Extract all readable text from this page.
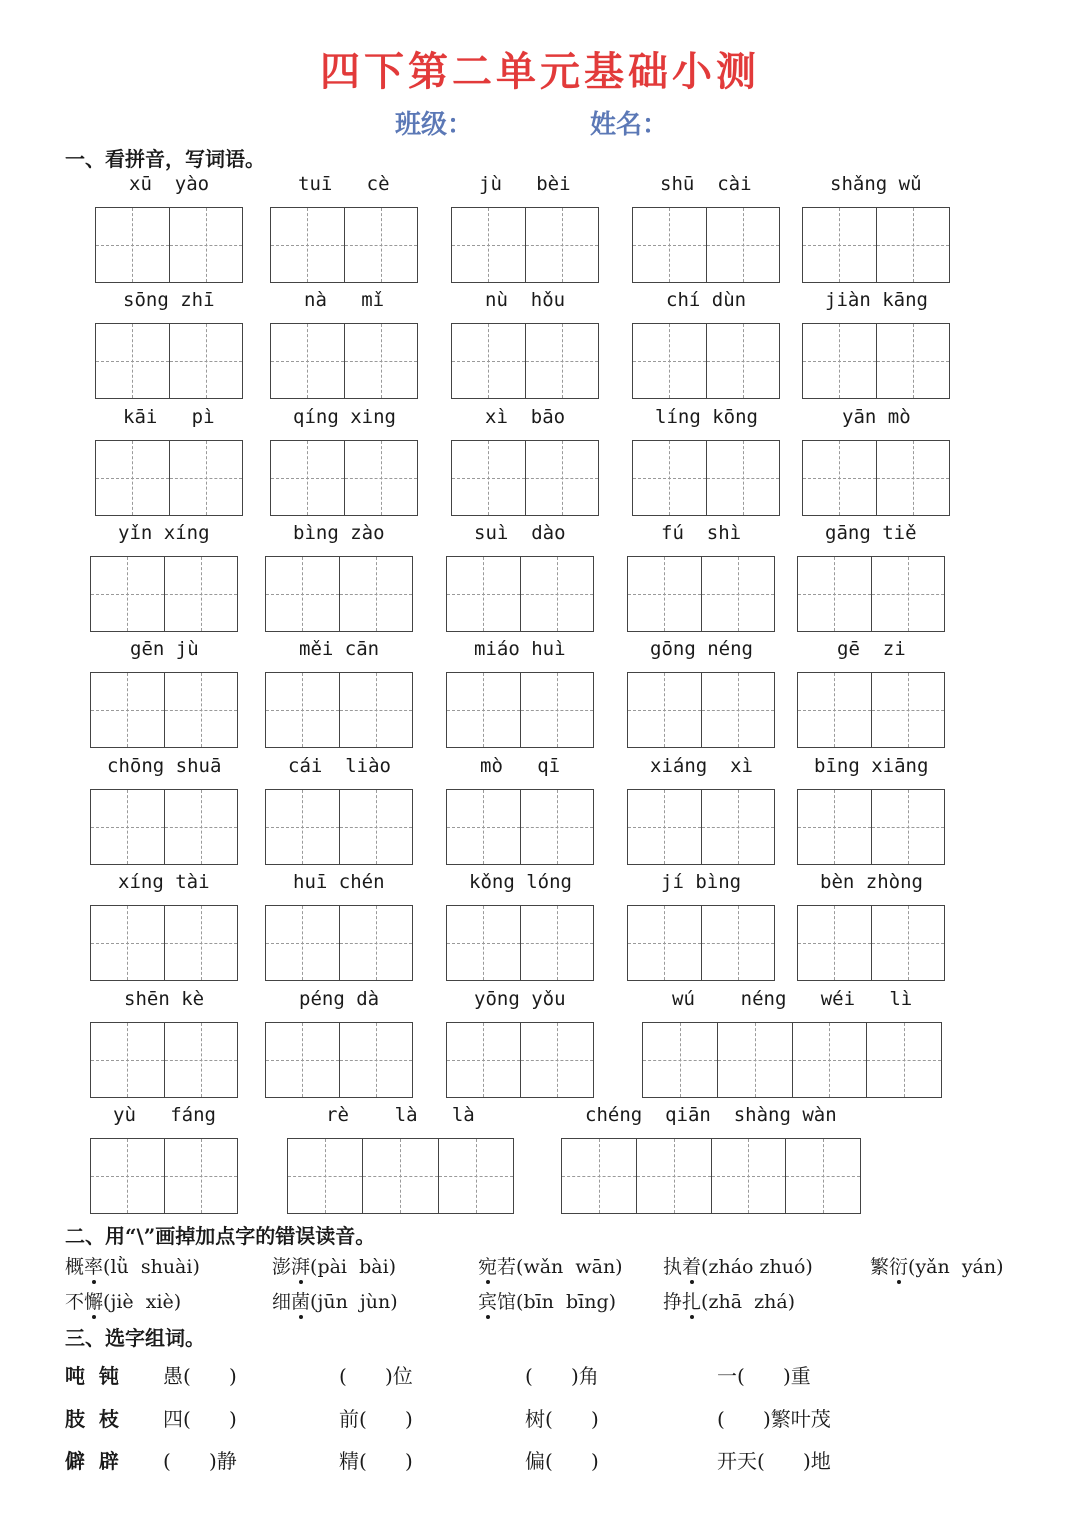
四下第二单元基础小测
班级：	姓名：
一、看拼音，写词语。
xū  yào	tuī   cè	jù   bèi	shū  cài	shǎng wǔ
sōng zhī	nà   mǐ	nù  hǒu	chí dùn	jiàn kāng
kāi   pì	qíng xing	xì  bāo	líng kōng	yān mò
yǐn xíng	bìng zào	suì  dào	fú  shì	gāng tiě
gēn jù	měi cān	miáo huì	gōng néng	gē  zi
chōng shuā	cái  liào	mò   qī	xiáng  xì	bīng xiāng
xíng tài	huī chén	kǒng lóng	jí bìng	bèn zhòng
shēn kè	péng dà	yōng yǒu	wú    néng   wéi   lì
yù   fáng	rè    là   là	chéng  qiān  shàng wàn
二、用“\”画掉加点字的错误读音。
概率(lǜ  shuài)	澎湃(pài  bài)	宛若(wǎn  wān) 执着(zháo zhuó)	繁衍(yǎn  yán)
不懈(jiè  xiè)	细菌(jūn  jùn)	宾馆(bīn  bīng) 挣扎(zhā  zhá)
三、选字组词。
吨  钝 愚(      )	(      )位	(      )角	一(      )重
肢  枝 四(      )	前(      )	树(      )	(      )繁叶茂
僻  辟 (      )静	精(      )	偏(      )	开天(      )地
